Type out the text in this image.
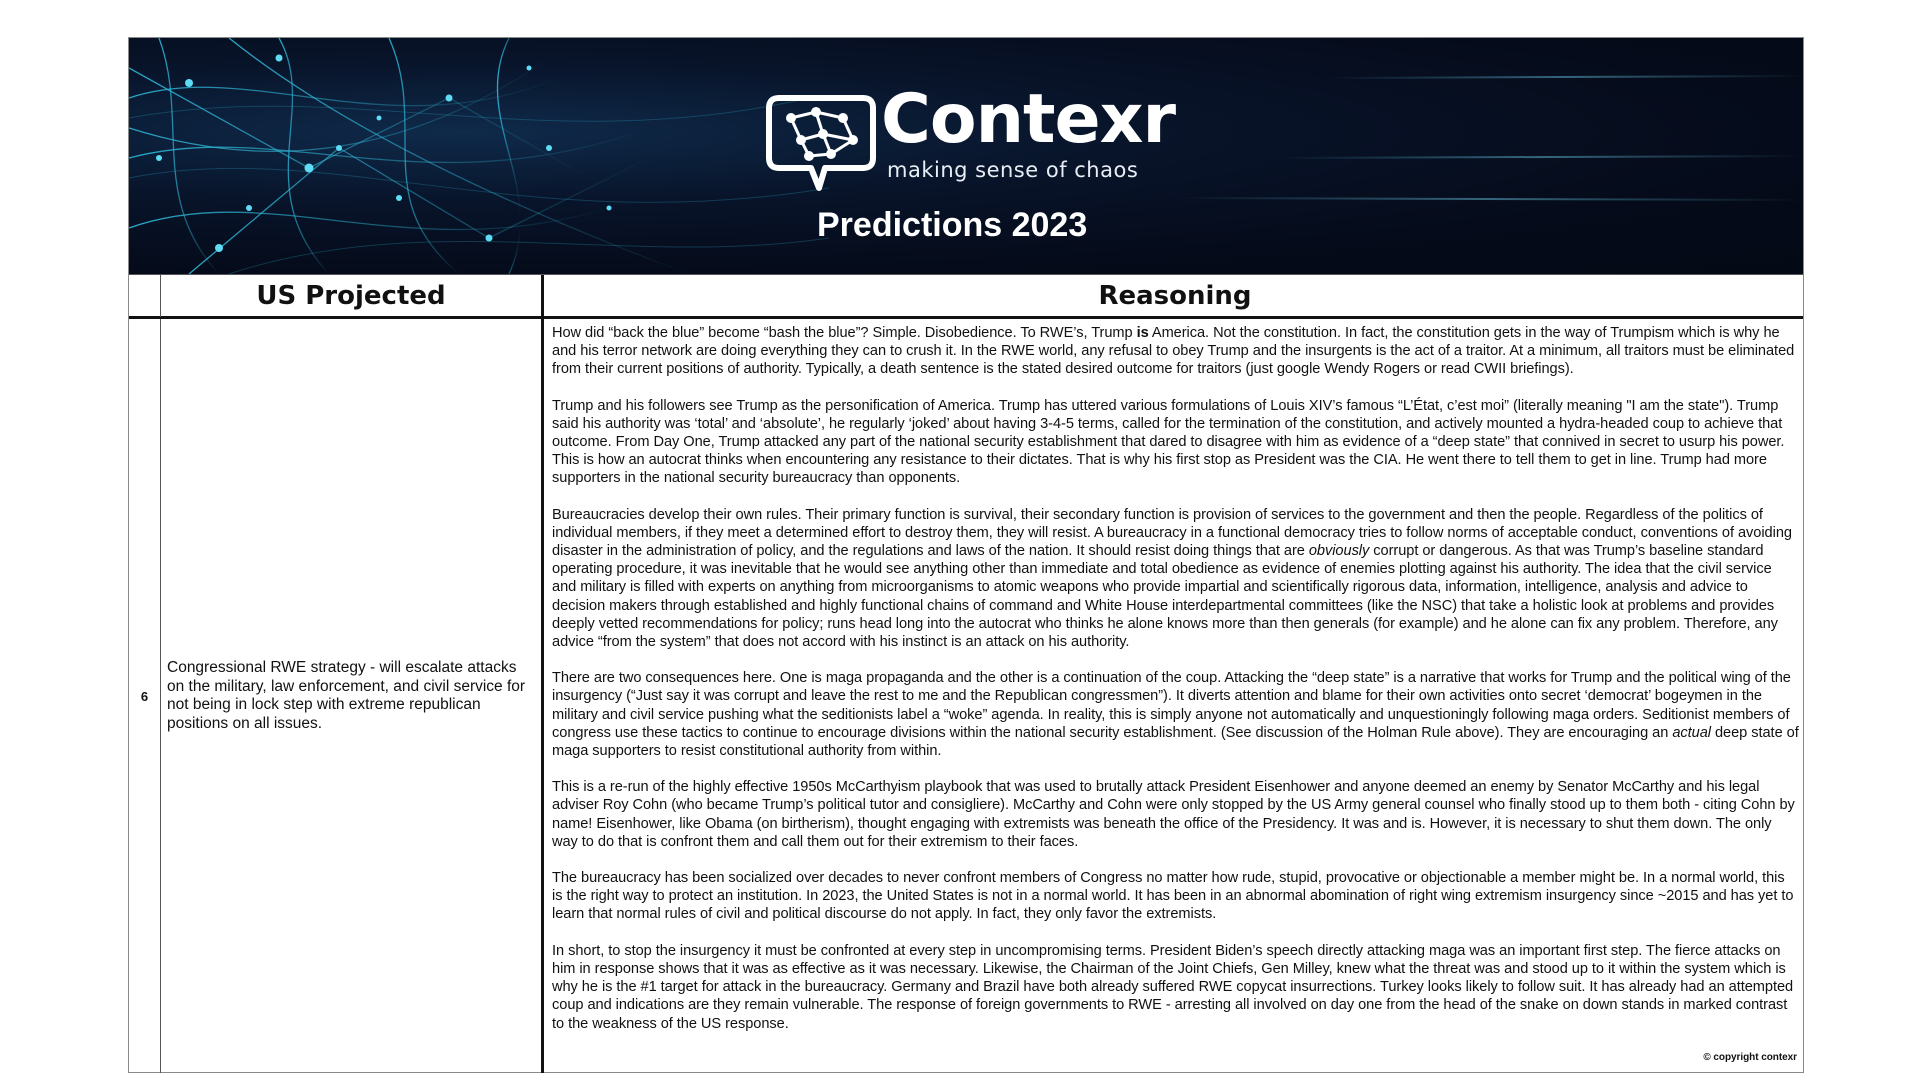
Contexr
making sense of chaos
Predictions 2023
US Projected	Reasoning
6
Congressional RWE strategy - will escalate attacks on the military, law enforcement, and civil service for not being in lock step with extreme republican positions on all issues.

How did “back the blue” become “bash the blue”? Simple. Disobedience. To RWE’s, Trump is America. Not the constitution. In fact, the constitution gets in the way of Trumpism which is why he and his terror network are doing everything they can to crush it. In the RWE world, any refusal to obey Trump and the insurgents is the act of a traitor. At a minimum, all traitors must be eliminated from their current positions of authority. Typically, a death sentence is the stated desired outcome for traitors (just google Wendy Rogers or read CWII briefings).

Trump and his followers see Trump as the personification of America. Trump has uttered various formulations of Louis XIV’s famous “L’État, c’est moi” (literally meaning "I am the state"). Trump said his authority was ‘total’ and ‘absolute’, he regularly ‘joked’ about having 3-4-5 terms, called for the termination of the constitution, and actively mounted a hydra-headed coup to achieve that outcome. From Day One, Trump attacked any part of the national security establishment that dared to disagree with him as evidence of a “deep state” that connived in secret to usurp his power. This is how an autocrat thinks when encountering any resistance to their dictates. That is why his first stop as President was the CIA. He went there to tell them to get in line. Trump had more supporters in the national security bureaucracy than opponents.

Bureaucracies develop their own rules. Their primary function is survival, their secondary function is provision of services to the government and then the people. Regardless of the politics of individual members, if they meet a determined effort to destroy them, they will resist. A bureaucracy in a functional democracy tries to follow norms of acceptable conduct, conventions of avoiding disaster in the administration of policy, and the regulations and laws of the nation. It should resist doing things that are obviously corrupt or dangerous. As that was Trump’s baseline standard operating procedure, it was inevitable that he would see anything other than immediate and total obedience as evidence of enemies plotting against his authority. The idea that the civil service and military is filled with experts on anything from microorganisms to atomic weapons who provide impartial and scientifically rigorous data, information, intelligence, analysis and advice to decision makers through established and highly functional chains of command and White House interdepartmental committees (like the NSC) that take a holistic look at problems and provides deeply vetted recommendations for policy; runs head long into the autocrat who thinks he alone knows more than then generals (for example) and he alone can fix any problem. Therefore, any advice “from the system” that does not accord with his instinct is an attack on his authority.

There are two consequences here. One is maga propaganda and the other is a continuation of the coup. Attacking the “deep state” is a narrative that works for Trump and the political wing of the insurgency (“Just say it was corrupt and leave the rest to me and the Republican congressmen”). It diverts attention and blame for their own activities onto secret ‘democrat’ bogeymen in the military and civil service pushing what the seditionists label a “woke” agenda. In reality, this is simply anyone not automatically and unquestioningly following maga orders. Seditionist members of congress use these tactics to continue to encourage divisions within the national security establishment. (See discussion of the Holman Rule above). They are encouraging an actual deep state of maga supporters to resist constitutional authority from within.

This is a re-run of the highly effective 1950s McCarthyism playbook that was used to brutally attack President Eisenhower and anyone deemed an enemy by Senator McCarthy and his legal adviser Roy Cohn (who became Trump’s political tutor and consigliere). McCarthy and Cohn were only stopped by the US Army general counsel who finally stood up to them both - citing Cohn by name! Eisenhower, like Obama (on birtherism), thought engaging with extremists was beneath the office of the Presidency. It was and is. However, it is necessary to shut them down. The only way to do that is confront them and call them out for their extremism to their faces.

The bureaucracy has been socialized over decades to never confront members of Congress no matter how rude, stupid, provocative or objectionable a member might be. In a normal world, this is the right way to protect an institution. In 2023, the United States is not in a normal world. It has been in an abnormal abomination of right wing extremism insurgency since ~2015 and has yet to learn that normal rules of civil and political discourse do not apply. In fact, they only favor the extremists.

In short, to stop the insurgency it must be confronted at every step in uncompromising terms. President Biden’s speech directly attacking maga was an important first step. The fierce attacks on him in response shows that it was as effective as it was necessary. Likewise, the Chairman of the Joint Chiefs, Gen Milley, knew what the threat was and stood up to it within the system which is why he is the #1 target for attack in the bureaucracy. Germany and Brazil have both already suffered RWE copycat insurrections. Turkey looks likely to follow suit. It has already had an attempted coup and indications are they remain vulnerable. The response of foreign governments to RWE - arresting all involved on day one from the head of the snake on down stands in marked contrast to the weakness of the US response.

© copyright contexr
